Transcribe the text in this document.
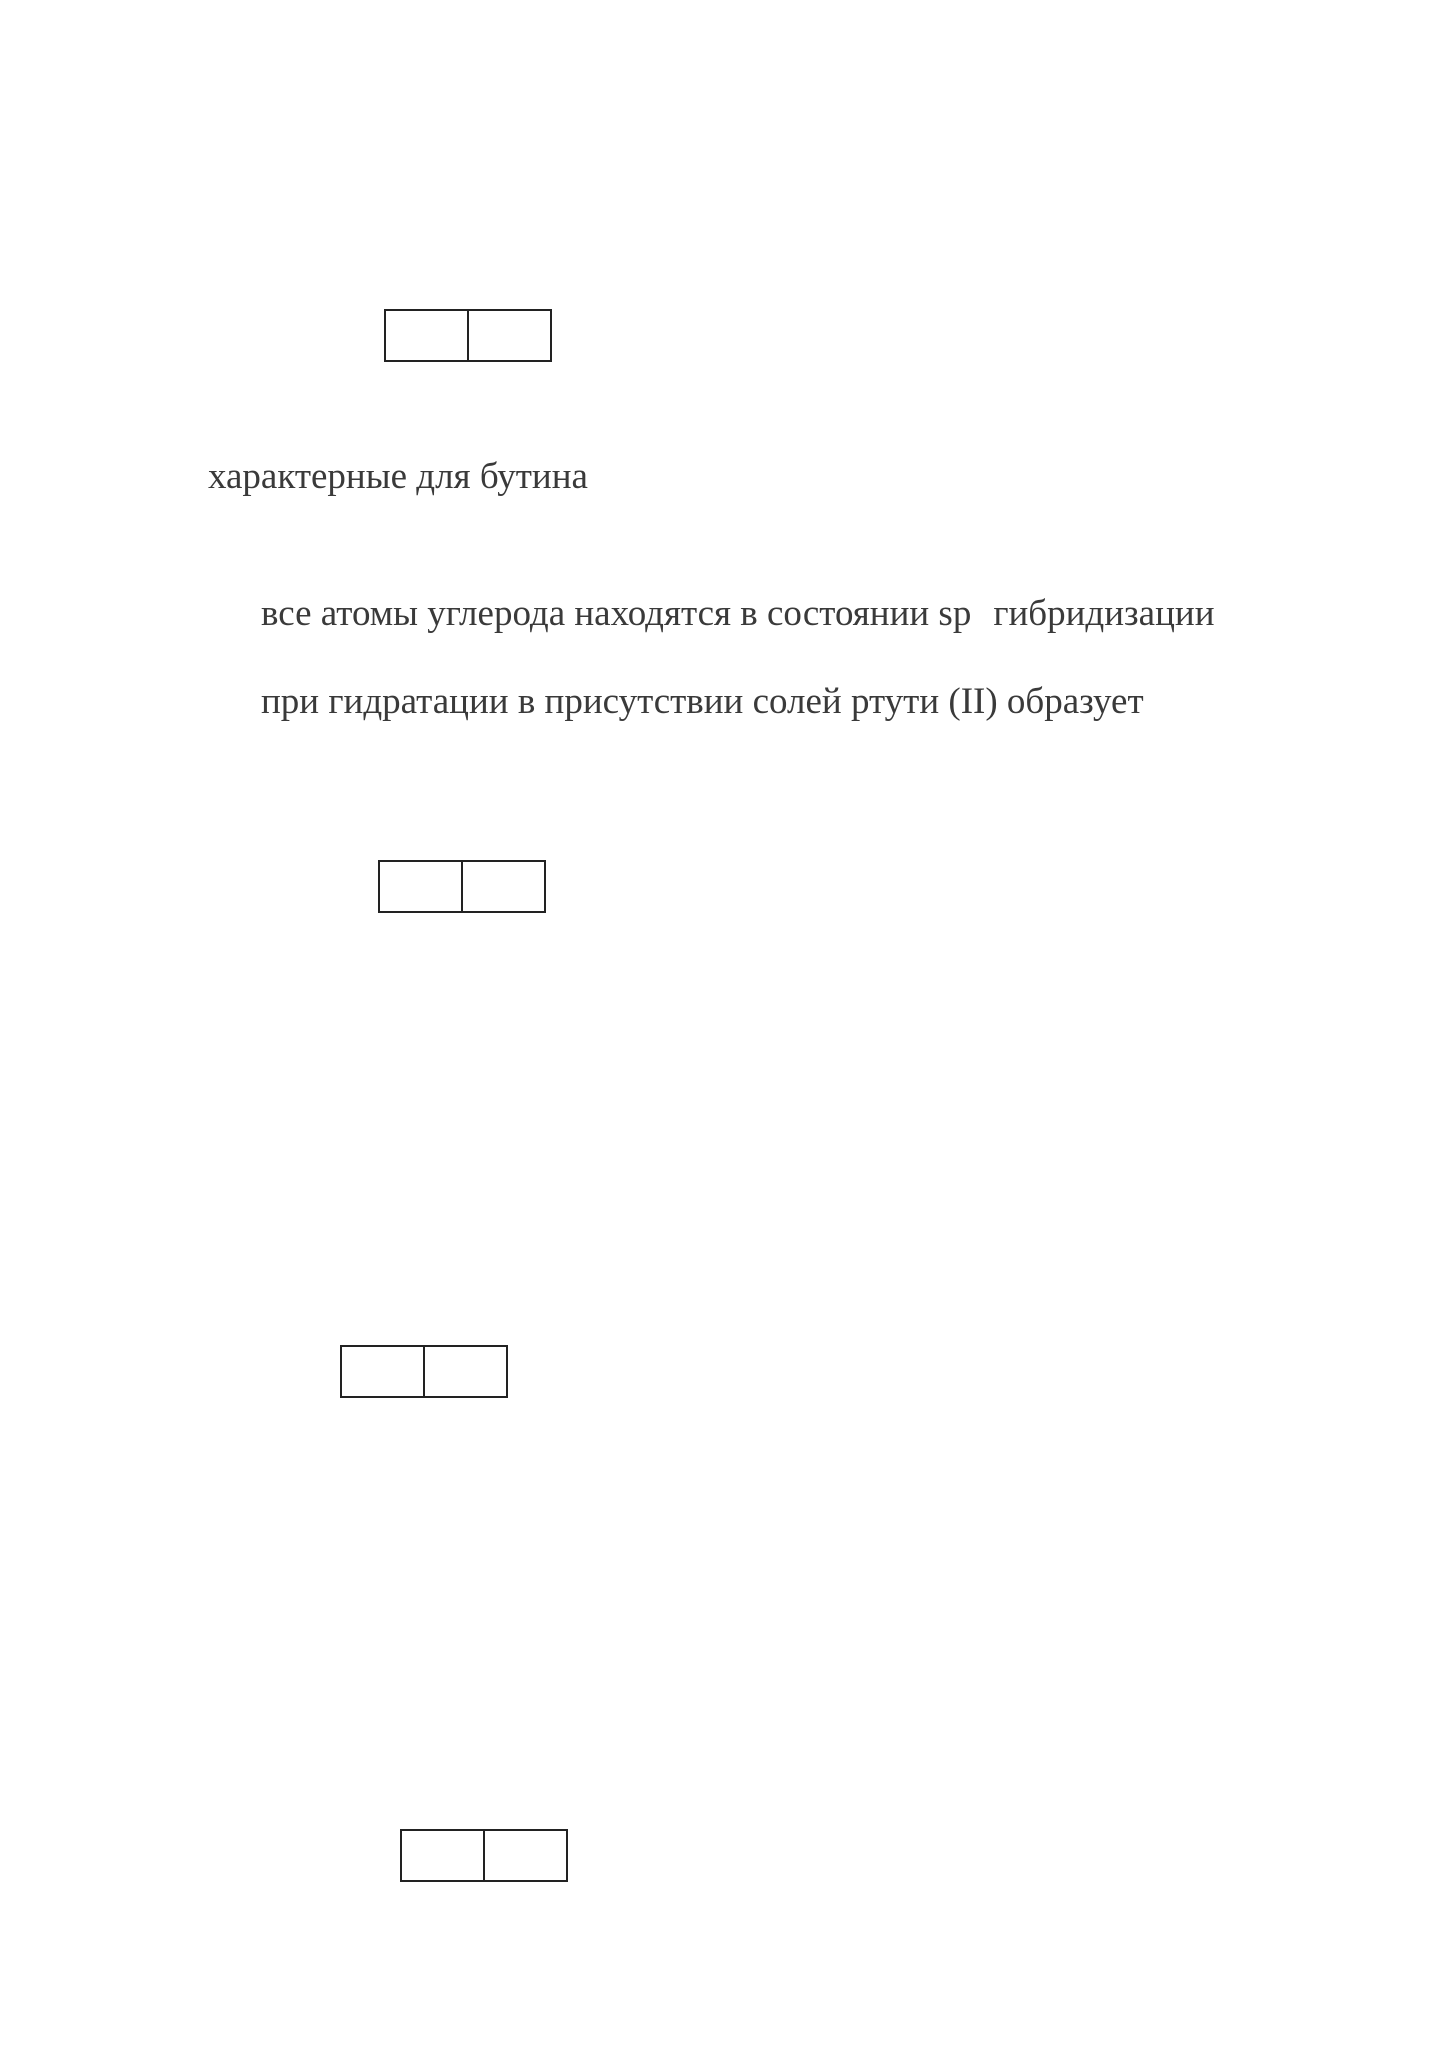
характерные для бутина

все атомы углерода находятся в состоянии sp гибридизации

при гидратации в присутствии солей ртути (II) образует
